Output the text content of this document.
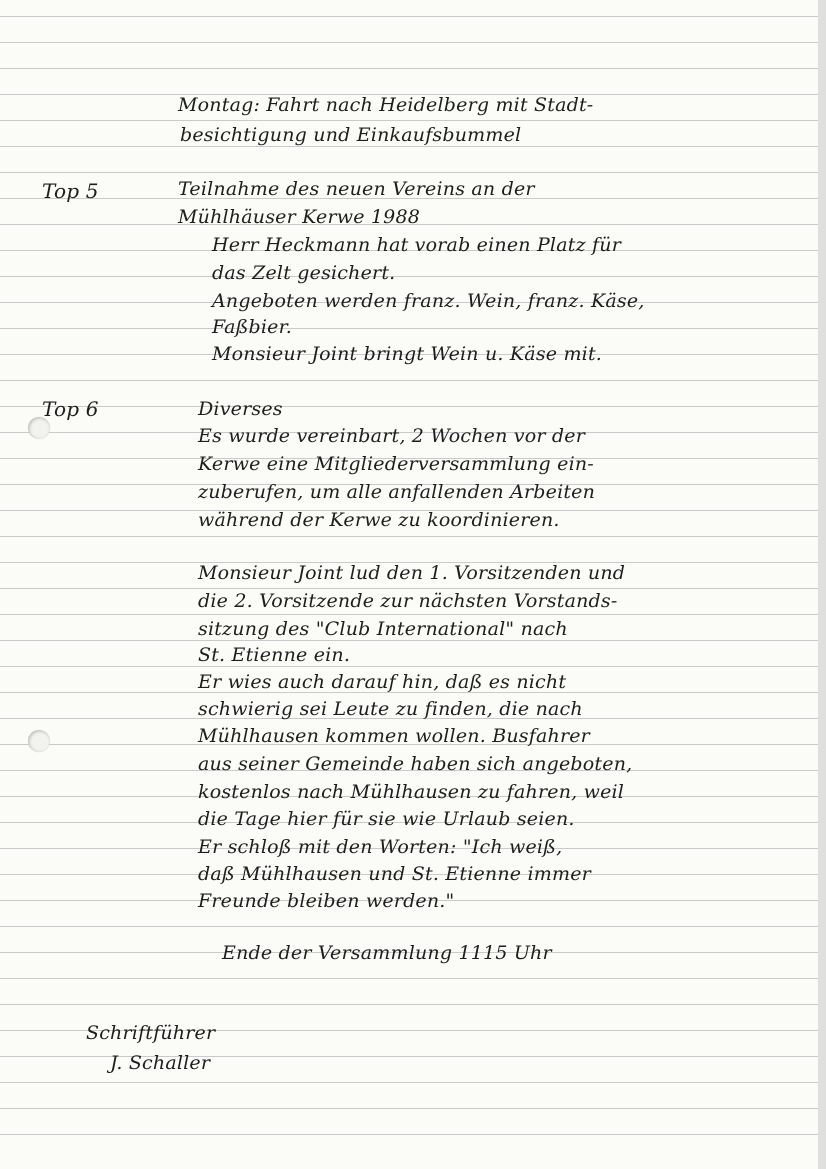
Montag: Fahrt nach Heidelberg mit Stadt-

besichtigung und Einkaufsbummel

Top 5	Teilnahme des neuen Vereins an der

Mühlhäuser Kerwe 1988

Herr Heckmann hat vorab einen Platz für

das Zelt gesichert.

Angeboten werden franz. Wein, franz. Käse,

Faßbier.

Monsieur Joint bringt Wein u. Käse mit.

Top 6	Diverses

Es wurde vereinbart, 2 Wochen vor der

Kerwe eine Mitgliederversammlung ein-

zuberufen, um alle anfallenden Arbeiten

während der Kerwe zu koordinieren.

Monsieur Joint lud den 1. Vorsitzenden und

die 2. Vorsitzende zur nächsten Vorstands-

sitzung des "Club International" nach

St. Etienne ein.

Er wies auch darauf hin, daß es nicht

schwierig sei Leute zu finden, die nach

Mühlhausen kommen wollen. Busfahrer

aus seiner Gemeinde haben sich angeboten,

kostenlos nach Mühlhausen zu fahren, weil

die Tage hier für sie wie Urlaub seien.

Er schloß mit den Worten: "Ich weiß,

daß Mühlhausen und St. Etienne immer

Freunde bleiben werden."

Ende der Versammlung 1115 Uhr

Schriftführer

J. Schaller
